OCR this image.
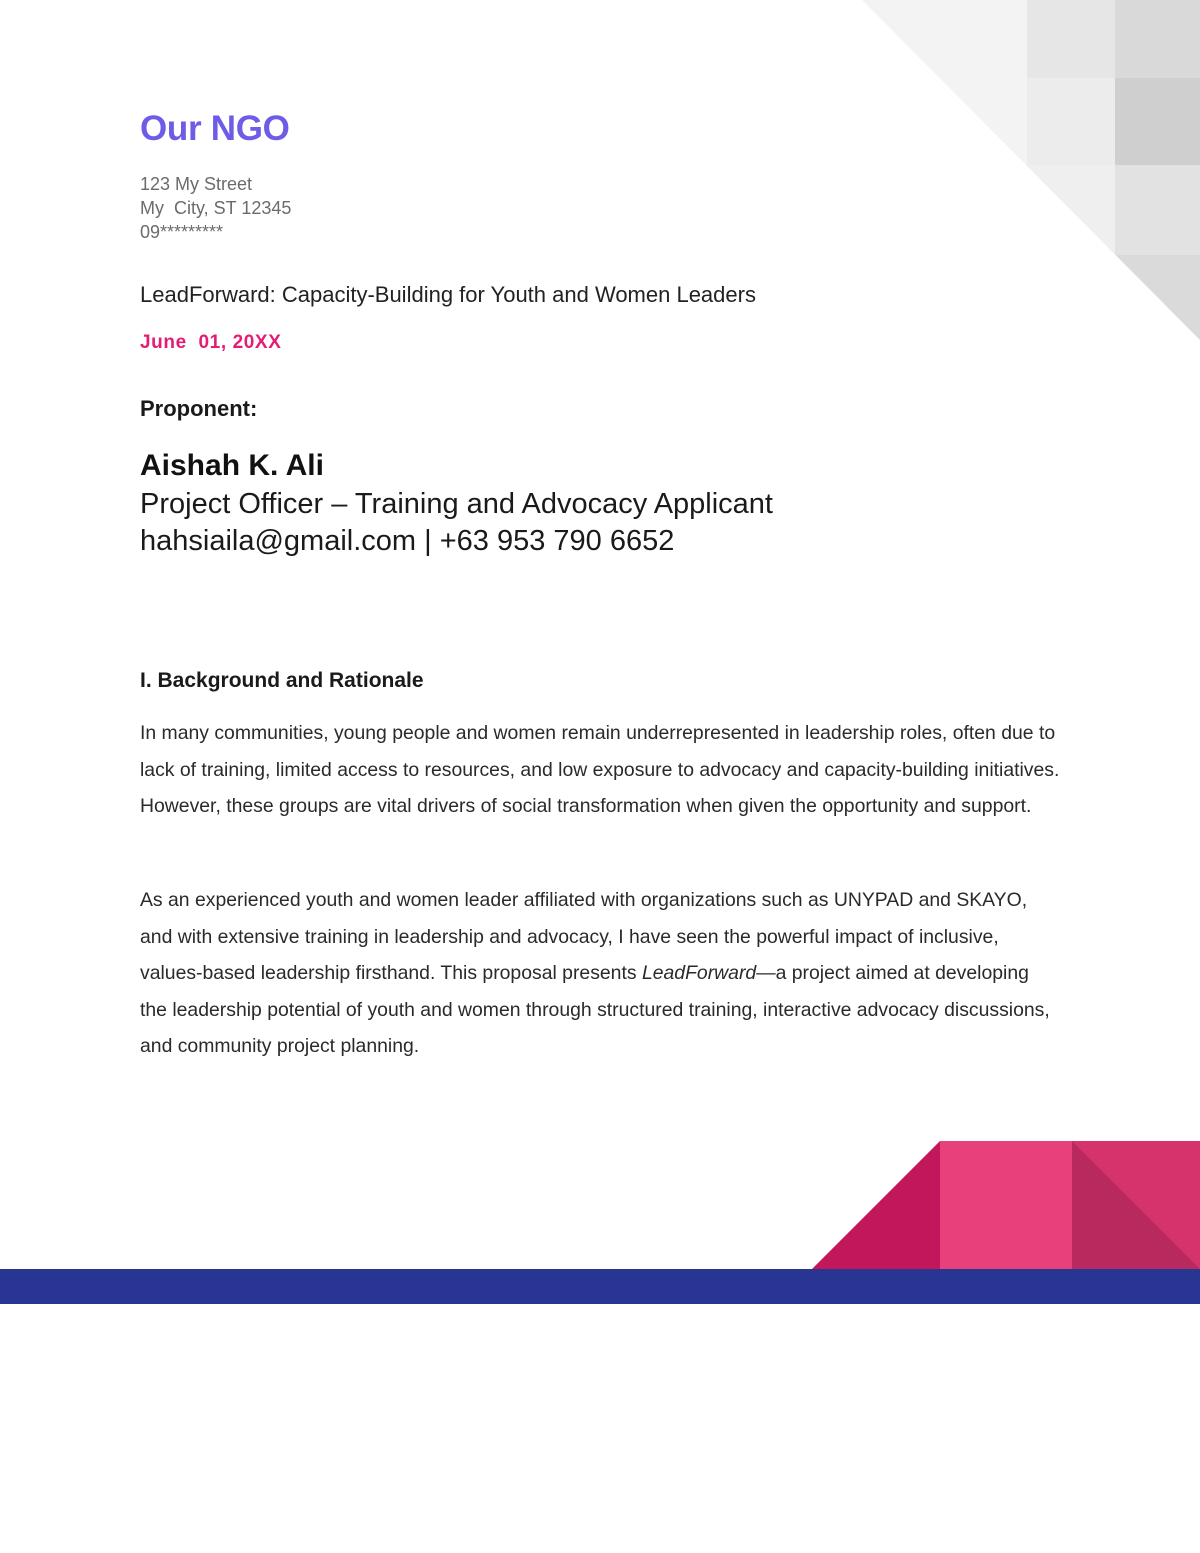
Our NGO
123 My Street
My  City, ST 12345
09*********
LeadForward: Capacity-Building for Youth and Women Leaders
June  01, 20XX
Proponent:
Aishah K. Ali
Project Officer – Training and Advocacy Applicant
hahsiaila@gmail.com | +63 953 790 6652
I. Background and Rationale

In many communities, young people and women remain underrepresented in leadership roles, often due to lack of training, limited access to resources, and low exposure to advocacy and capacity-building initiatives. However, these groups are vital drivers of social transformation when given the opportunity and support.

As an experienced youth and women leader affiliated with organizations such as UNYPAD and SKAYO, and with extensive training in leadership and advocacy, I have seen the powerful impact of inclusive, values-based leadership firsthand. This proposal presents LeadForward—a project aimed at developing the leadership potential of youth and women through structured training, interactive advocacy discussions, and community project planning.
